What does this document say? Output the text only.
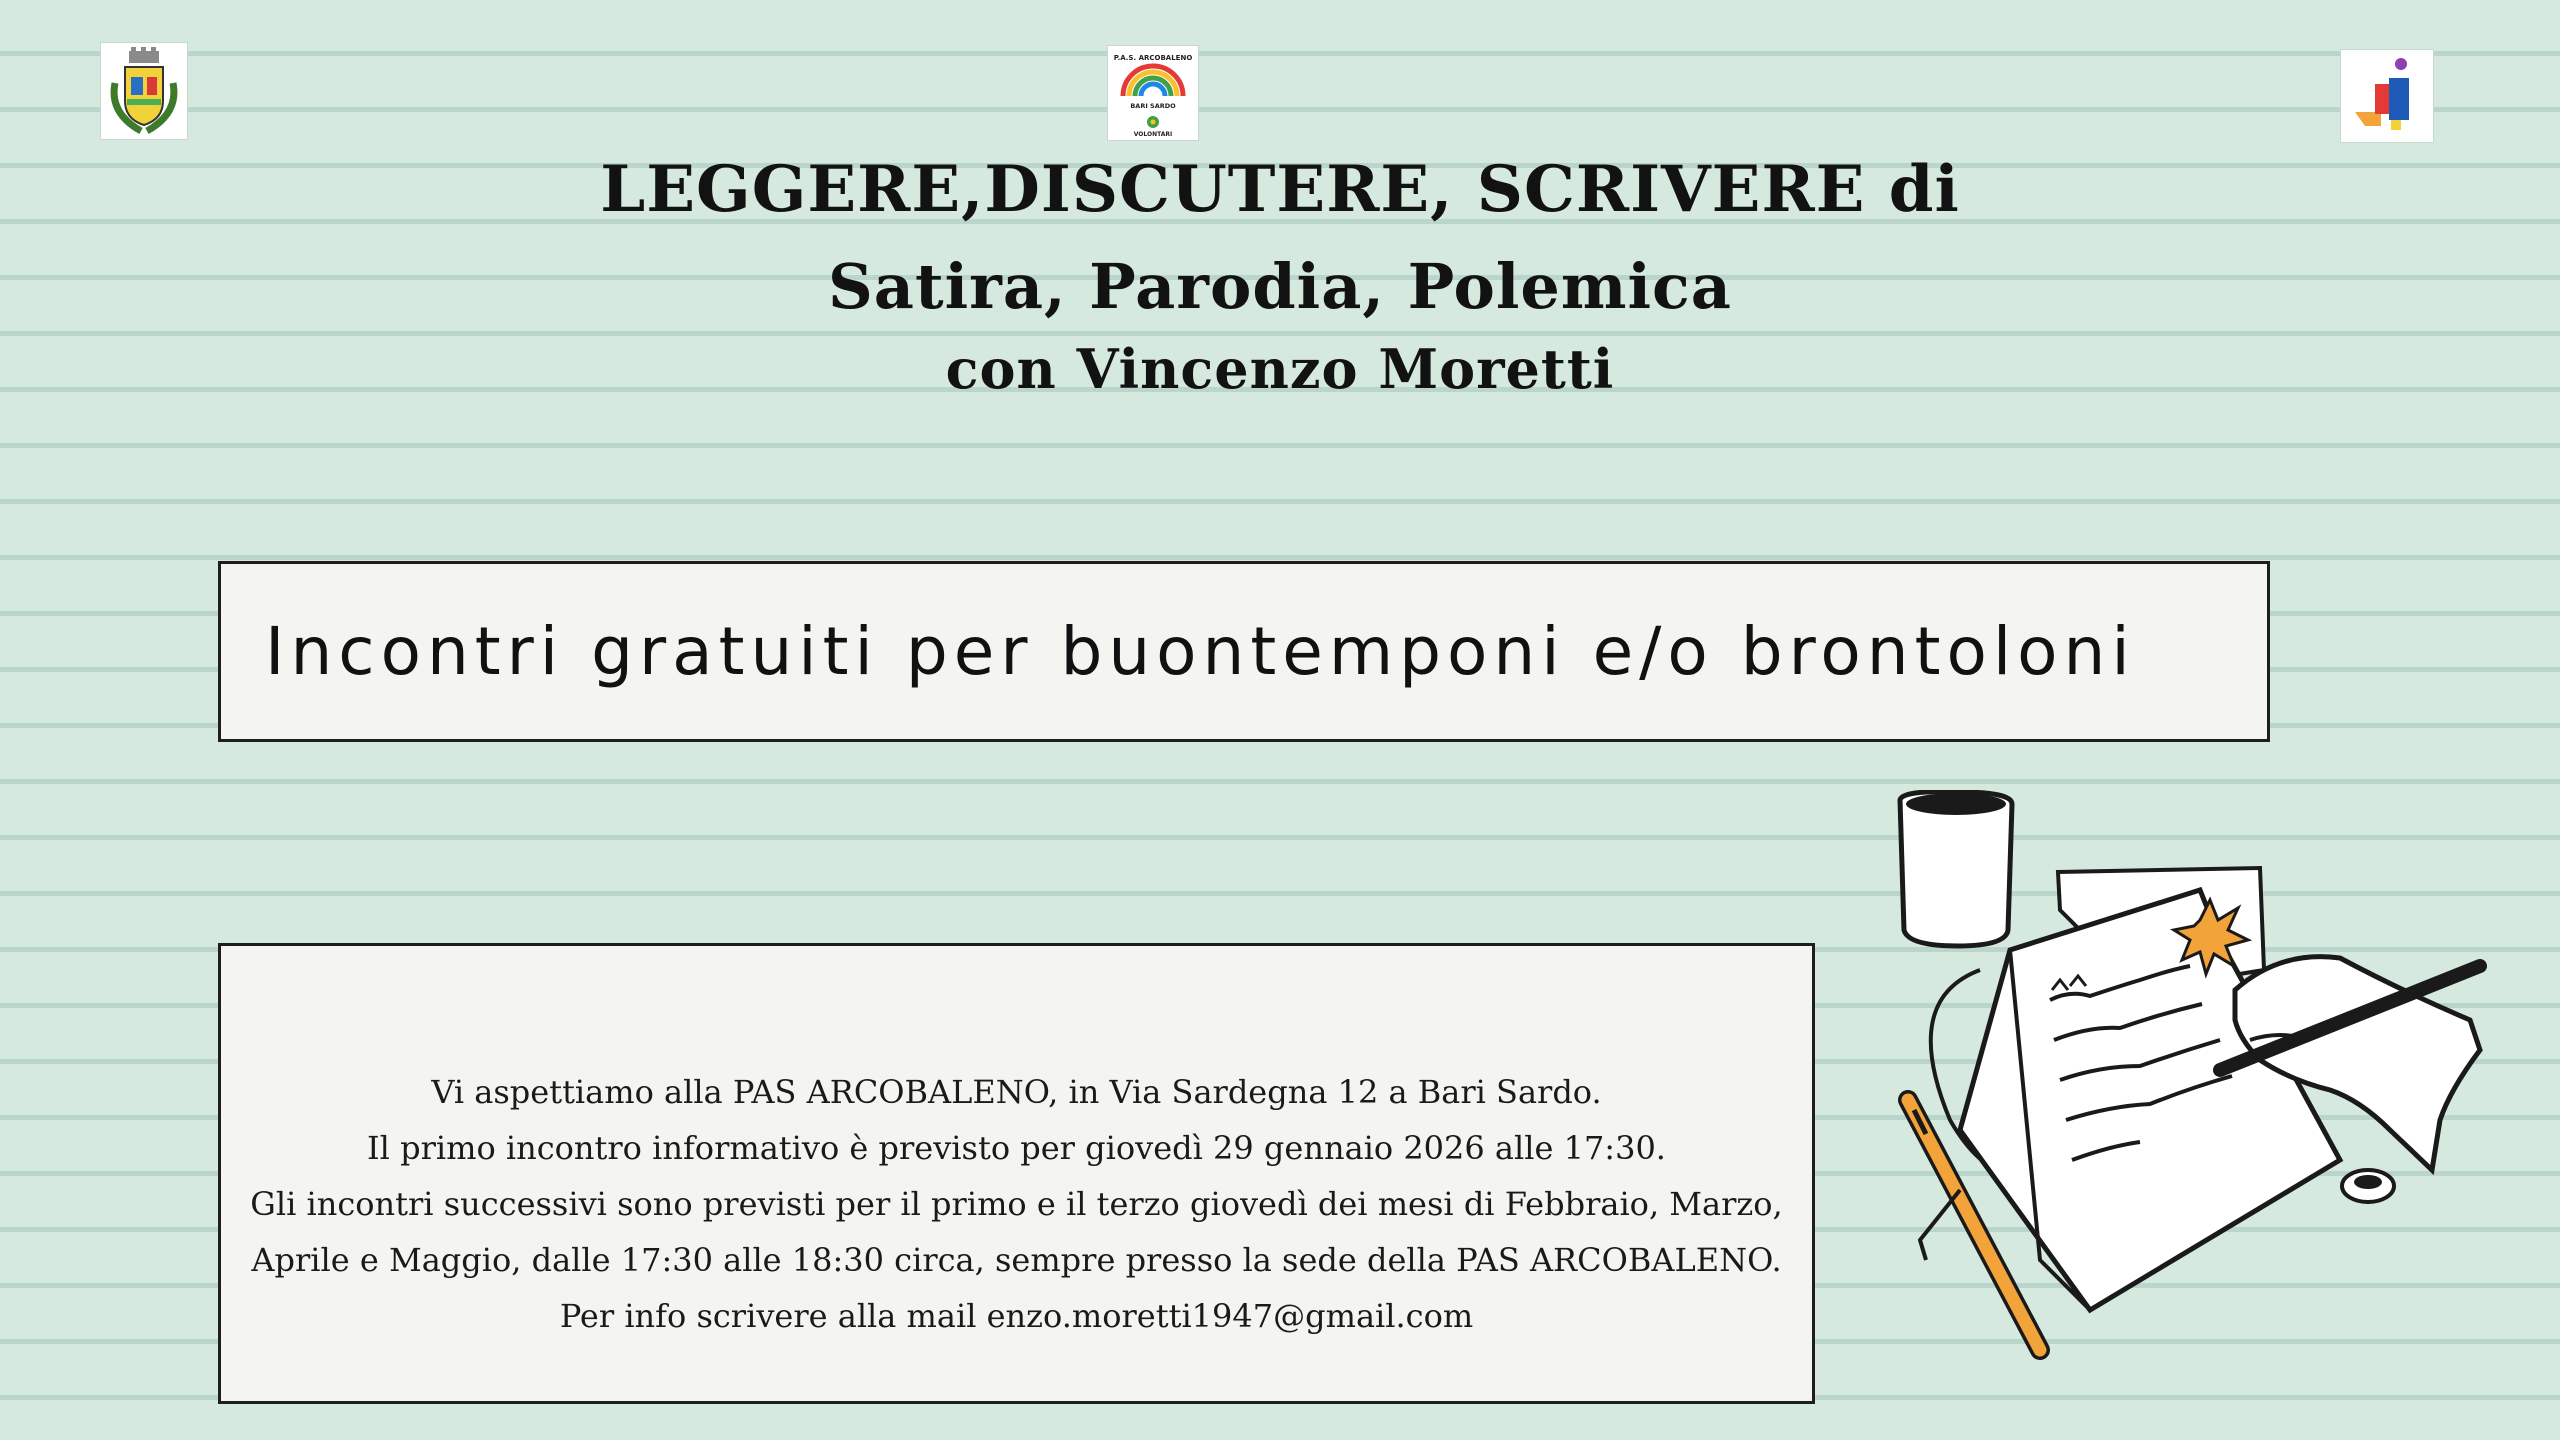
P.A.S. ARCOBALENO
BARI SARDO
VOLONTARI
LEGGERE,DISCUTERE, SCRIVERE di
Satira, Parodia, Polemica
con Vincenzo Moretti
Incontri gratuiti per buontemponi e/o brontoloni
Vi aspettiamo alla PAS ARCOBALENO, in Via Sardegna 12 a Bari Sardo.
Il primo incontro informativo è previsto per giovedì 29 gennaio 2026 alle 17:30.
Gli incontri successivi sono previsti per il primo e il terzo giovedì dei mesi di Febbraio, Marzo,
Aprile e Maggio, dalle 17:30 alle 18:30 circa, sempre presso la sede della PAS ARCOBALENO.
Per info scrivere alla mail enzo.moretti1947@gmail.com
